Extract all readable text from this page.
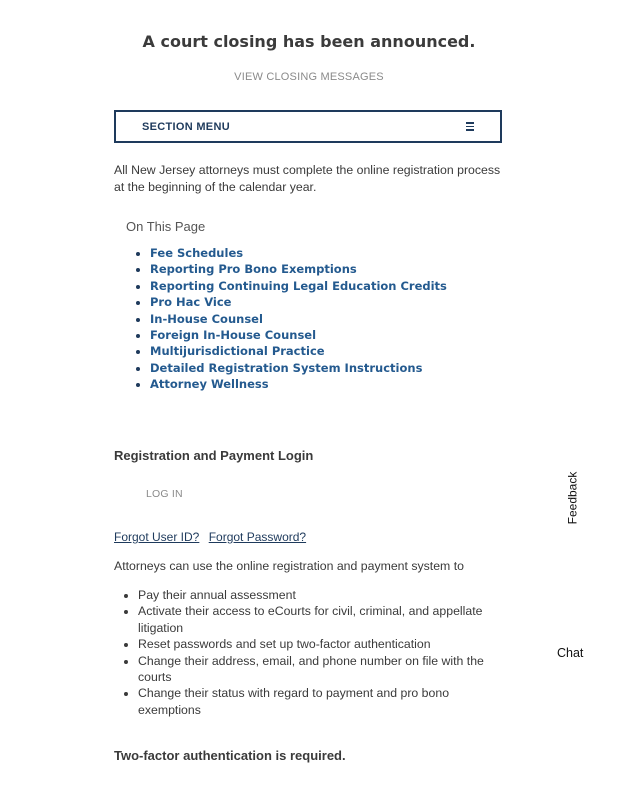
A court closing has been announced.
VIEW CLOSING MESSAGES
SECTION MENU

All New Jersey attorneys must complete the online registration process at the beginning of the calendar year.

On This Page
• Fee Schedules
• Reporting Pro Bono Exemptions
• Reporting Continuing Legal Education Credits
• Pro Hac Vice
• In-House Counsel
• Foreign In-House Counsel
• Multijurisdictional Practice
• Detailed Registration System Instructions
• Attorney Wellness
Registration and Payment Login
LOG IN
Forgot User ID? Forgot Password?

Attorneys can use the online registration and payment system to

• Pay their annual assessment
• Activate their access to eCourts for civil, criminal, and appellate litigation
• Reset passwords and set up two-factor authentication
• Change their address, email, and phone number on file with the courts
• Change their status with regard to payment and pro bono exemptions

Two-factor authentication is required.

Feedback
Chat
